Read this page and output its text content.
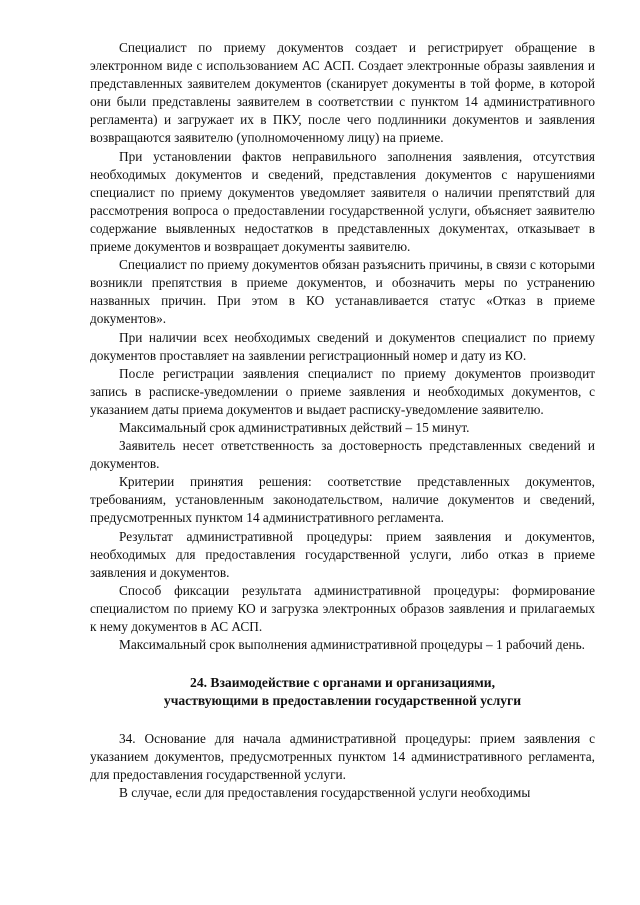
Специалист по приему документов создает и регистрирует обращение в электронном виде с использованием АС АСП. Создает электронные образы заявления и представленных заявителем документов (сканирует документы в той форме, в которой они были представлены заявителем в соответствии с пунктом 14 административного регламента) и загружает их в ПКУ, после чего подлинники документов и заявления возвращаются заявителю (уполномоченному лицу) на приеме.

При установлении фактов неправильного заполнения заявления, отсутствия необходимых документов и сведений, представления документов с нарушениями специалист по приему документов уведомляет заявителя о наличии препятствий для рассмотрения вопроса о предоставлении государственной услуги, объясняет заявителю содержание выявленных недостатков в представленных документах, отказывает в приеме документов и возвращает документы заявителю.

Специалист по приему документов обязан разъяснить причины, в связи с которыми возникли препятствия в приеме документов, и обозначить меры по устранению названных причин. При этом в КО устанавливается статус «Отказ в приеме документов».

При наличии всех необходимых сведений и документов специалист по приему документов проставляет на заявлении регистрационный номер и дату из КО.

После регистрации заявления специалист по приему документов производит запись в расписке-уведомлении о приеме заявления и необходимых документов, с указанием даты приема документов и выдает расписку-уведомление заявителю.

Максимальный срок административных действий – 15 минут.

Заявитель несет ответственность за достоверность представленных сведений и документов.

Критерии принятия решения: соответствие представленных документов, требованиям, установленным законодательством, наличие документов и сведений, предусмотренных пунктом 14 административного регламента.

Результат административной процедуры: прием заявления и документов, необходимых для предоставления государственной услуги, либо отказ в приеме заявления и документов.

Способ фиксации результата административной процедуры: формирование специалистом по приему КО и загрузка электронных образов заявления и прилагаемых к нему документов в АС АСП.

Максимальный срок выполнения административной процедуры – 1 рабочий день.

24. Взаимодействие с органами и организациями,
участвующими в предоставлении государственной услуги

34. Основание для начала административной процедуры: прием заявления с указанием документов, предусмотренных пунктом 14 административного регламента, для предоставления государственной услуги.

В случае, если для предоставления государственной услуги необходимы
